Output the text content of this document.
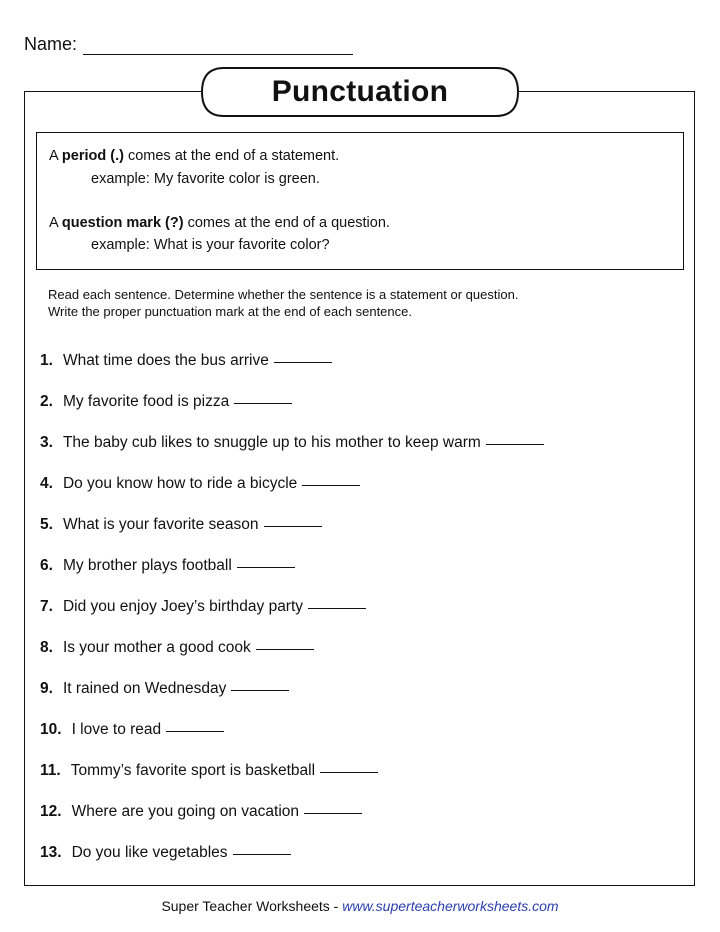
Name:
Punctuation
A period (.) comes at the end of a statement.
example: My favorite color is green.
A question mark (?) comes at the end of a question.
example: What is your favorite color?
Read each sentence. Determine whether the sentence is a statement or question.
Write the proper punctuation mark at the end of each sentence.
1. What time does the bus arrive
2. My favorite food is pizza
3. The baby cub likes to snuggle up to his mother to keep warm
4. Do you know how to ride a bicycle
5. What is your favorite season
6. My brother plays football
7. Did you enjoy Joey’s birthday party
8. Is your mother a good cook
9. It rained on Wednesday
10. I love to read
11. Tommy’s favorite sport is basketball
12. Where are you going on vacation
13. Do you like vegetables
Super Teacher Worksheets - www.superteacherworksheets.com
